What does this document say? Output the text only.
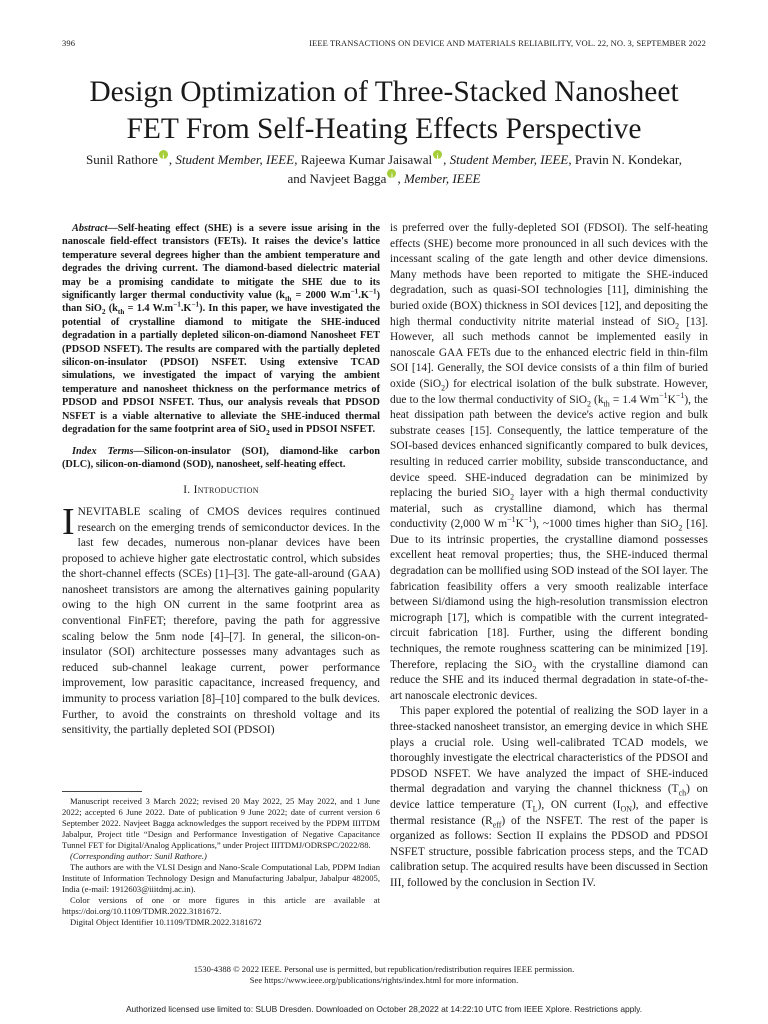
396	IEEE TRANSACTIONS ON DEVICE AND MATERIALS RELIABILITY, VOL. 22, NO. 3, SEPTEMBER 2022
Design Optimization of Three-Stacked Nanosheet
FET From Self-Heating Effects Perspective
Sunil Rathore i , Student Member, IEEE, Rajeewa Kumar Jaisawal i , Student Member, IEEE, Pravin N. Kondekar,
and Navjeet Bagga i , Member, IEEE

Abstract—Self-heating effect (SHE) is a severe issue arising in the nanoscale field-effect transistors (FETs). It raises the device's lattice temperature several degrees higher than the ambient temperature and degrades the driving current. The diamond-based dielectric material may be a promising candidate to mitigate the SHE due to its significantly larger thermal conductivity value ($k_{th} = 2000$ $W.m^{-1}.K^{-1}$) than SiO$_2$ ($k_{th} = 1.4$ $W.m^{-1}.K^{-1}$). In this paper, we have investigated the potential of crystalline diamond to mitigate the SHE-induced degradation in a partially depleted silicon-on-diamond Nanosheet FET (PDSOD NSFET). The results are compared with the partially depleted silicon-on-insulator (PDSOI) NSFET. Using extensive TCAD simulations, we investigated the impact of varying the ambient temperature and nanosheet thickness on the performance metrics of PDSOD and PDSOI NSFET. Thus, our analysis reveals that PDSOD NSFET is a viable alternative to alleviate the SHE-induced thermal degradation for the same footprint area of SiO$_2$ used in PDSOI NSFET.

Index Terms—Silicon-on-insulator (SOI), diamond-like carbon (DLC), silicon-on-diamond (SOD), nanosheet, self-heating effect.

I. Introduction

INEVITABLE scaling of CMOS devices requires continued research on the emerging trends of semiconductor devices. In the last few decades, numerous non-planar devices have been proposed to achieve higher gate electrostatic control, which subsides the short-channel effects (SCEs) [1]–[3]. The gate-all-around (GAA) nanosheet transistors are among the alternatives gaining popularity owing to the high ON current in the same footprint area as conventional FinFET; therefore, paving the path for aggressive scaling below the 5nm node [4]–[7]. In general, the silicon-on-insulator (SOI) architecture possesses many advantages such as reduced sub-channel leakage current, power performance improvement, low parasitic capacitance, increased frequency, and immunity to process variation [8]–[10] compared to the bulk devices. Further, to avoid the constraints on threshold voltage and its sensitivity, the partially depleted SOI (PDSOI)

Manuscript received 3 March 2022; revised 20 May 2022, 25 May 2022, and 1 June 2022; accepted 6 June 2022. Date of publication 9 June 2022; date of current version 6 September 2022. Navjeet Bagga acknowledges the support received by the PDPM IIITDM Jabalpur, Project title “Design and Performance Investigation of Negative Capacitance Tunnel FET for Digital/Analog Applications,” under Project IIITDMJ/ODRSPC/2022/88.

(Corresponding author: Sunil Rathore.)

The authors are with the VLSI Design and Nano-Scale Computational Lab, PDPM Indian Institute of Information Technology Design and Manufacturing Jabalpur, Jabalpur 482005, India (e-mail: 1912603@iiitdmj.ac.in).

Color versions of one or more figures in this article are available at https://doi.org/10.1109/TDMR.2022.3181672.

Digital Object Identifier 10.1109/TDMR.2022.3181672

is preferred over the fully-depleted SOI (FDSOI). The self-heating effects (SHE) become more pronounced in all such devices with the incessant scaling of the gate length and other device dimensions. Many methods have been reported to mitigate the SHE-induced degradation, such as quasi-SOI technologies [11], diminishing the buried oxide (BOX) thickness in SOI devices [12], and depositing the high thermal conductivity nitrite material instead of SiO$_2$ [13]. However, all such methods cannot be implemented easily in nanoscale GAA FETs due to the enhanced electric field in thin-film SOI [14]. Generally, the SOI device consists of a thin film of buried oxide (SiO$_2$) for electrical isolation of the bulk substrate. However, due to the low thermal conductivity of SiO$_2$ ($k_{th} = 1.4$ $Wm^{-1}K^{-1}$), the heat dissipation path between the device's active region and bulk substrate ceases [15]. Consequently, the lattice temperature of the SOI-based devices enhanced significantly compared to bulk devices, resulting in reduced carrier mobility, subside transconductance, and device speed. SHE-induced degradation can be minimized by replacing the buried SiO$_2$ layer with a high thermal conductivity material, such as crystalline diamond, which has thermal conductivity (2,000 W $m^{-1}K^{-1}$), ~1000 times higher than SiO$_2$ [16]. Due to its intrinsic properties, the crystalline diamond possesses excellent heat removal properties; thus, the SHE-induced thermal degradation can be mollified using SOD instead of the SOI layer. The fabrication feasibility offers a very smooth realizable interface between Si/diamond using the high-resolution transmission electron micrograph [17], which is compatible with the current integrated-circuit fabrication [18]. Further, using the different bonding techniques, the remote roughness scattering can be minimized [19]. Therefore, replacing the SiO$_2$ with the crystalline diamond can reduce the SHE and its induced thermal degradation in state-of-the-art nanoscale electronic devices.

This paper explored the potential of realizing the SOD layer in a three-stacked nanosheet transistor, an emerging device in which SHE plays a crucial role. Using well-calibrated TCAD models, we thoroughly investigate the electrical characteristics of the PDSOI and PDSOD NSFET. We have analyzed the impact of SHE-induced thermal degradation and varying the channel thickness $(T_{ch})$ on device lattice temperature $(T_L)$, ON current $(I_{ON})$, and effective thermal resistance $(R_{eff})$ of the NSFET. The rest of the paper is organized as follows: Section II explains the PDSOD and PDSOI NSFET structure, possible fabrication process steps, and the TCAD calibration setup. The acquired results have been discussed in Section III, followed by the conclusion in Section IV.

1530-4388 © 2022 IEEE. Personal use is permitted, but republication/redistribution requires IEEE permission.
See https://www.ieee.org/publications/rights/index.html for more information.
Authorized licensed use limited to: SLUB Dresden. Downloaded on October 28,2022 at 14:22:10 UTC from IEEE Xplore. Restrictions apply.
